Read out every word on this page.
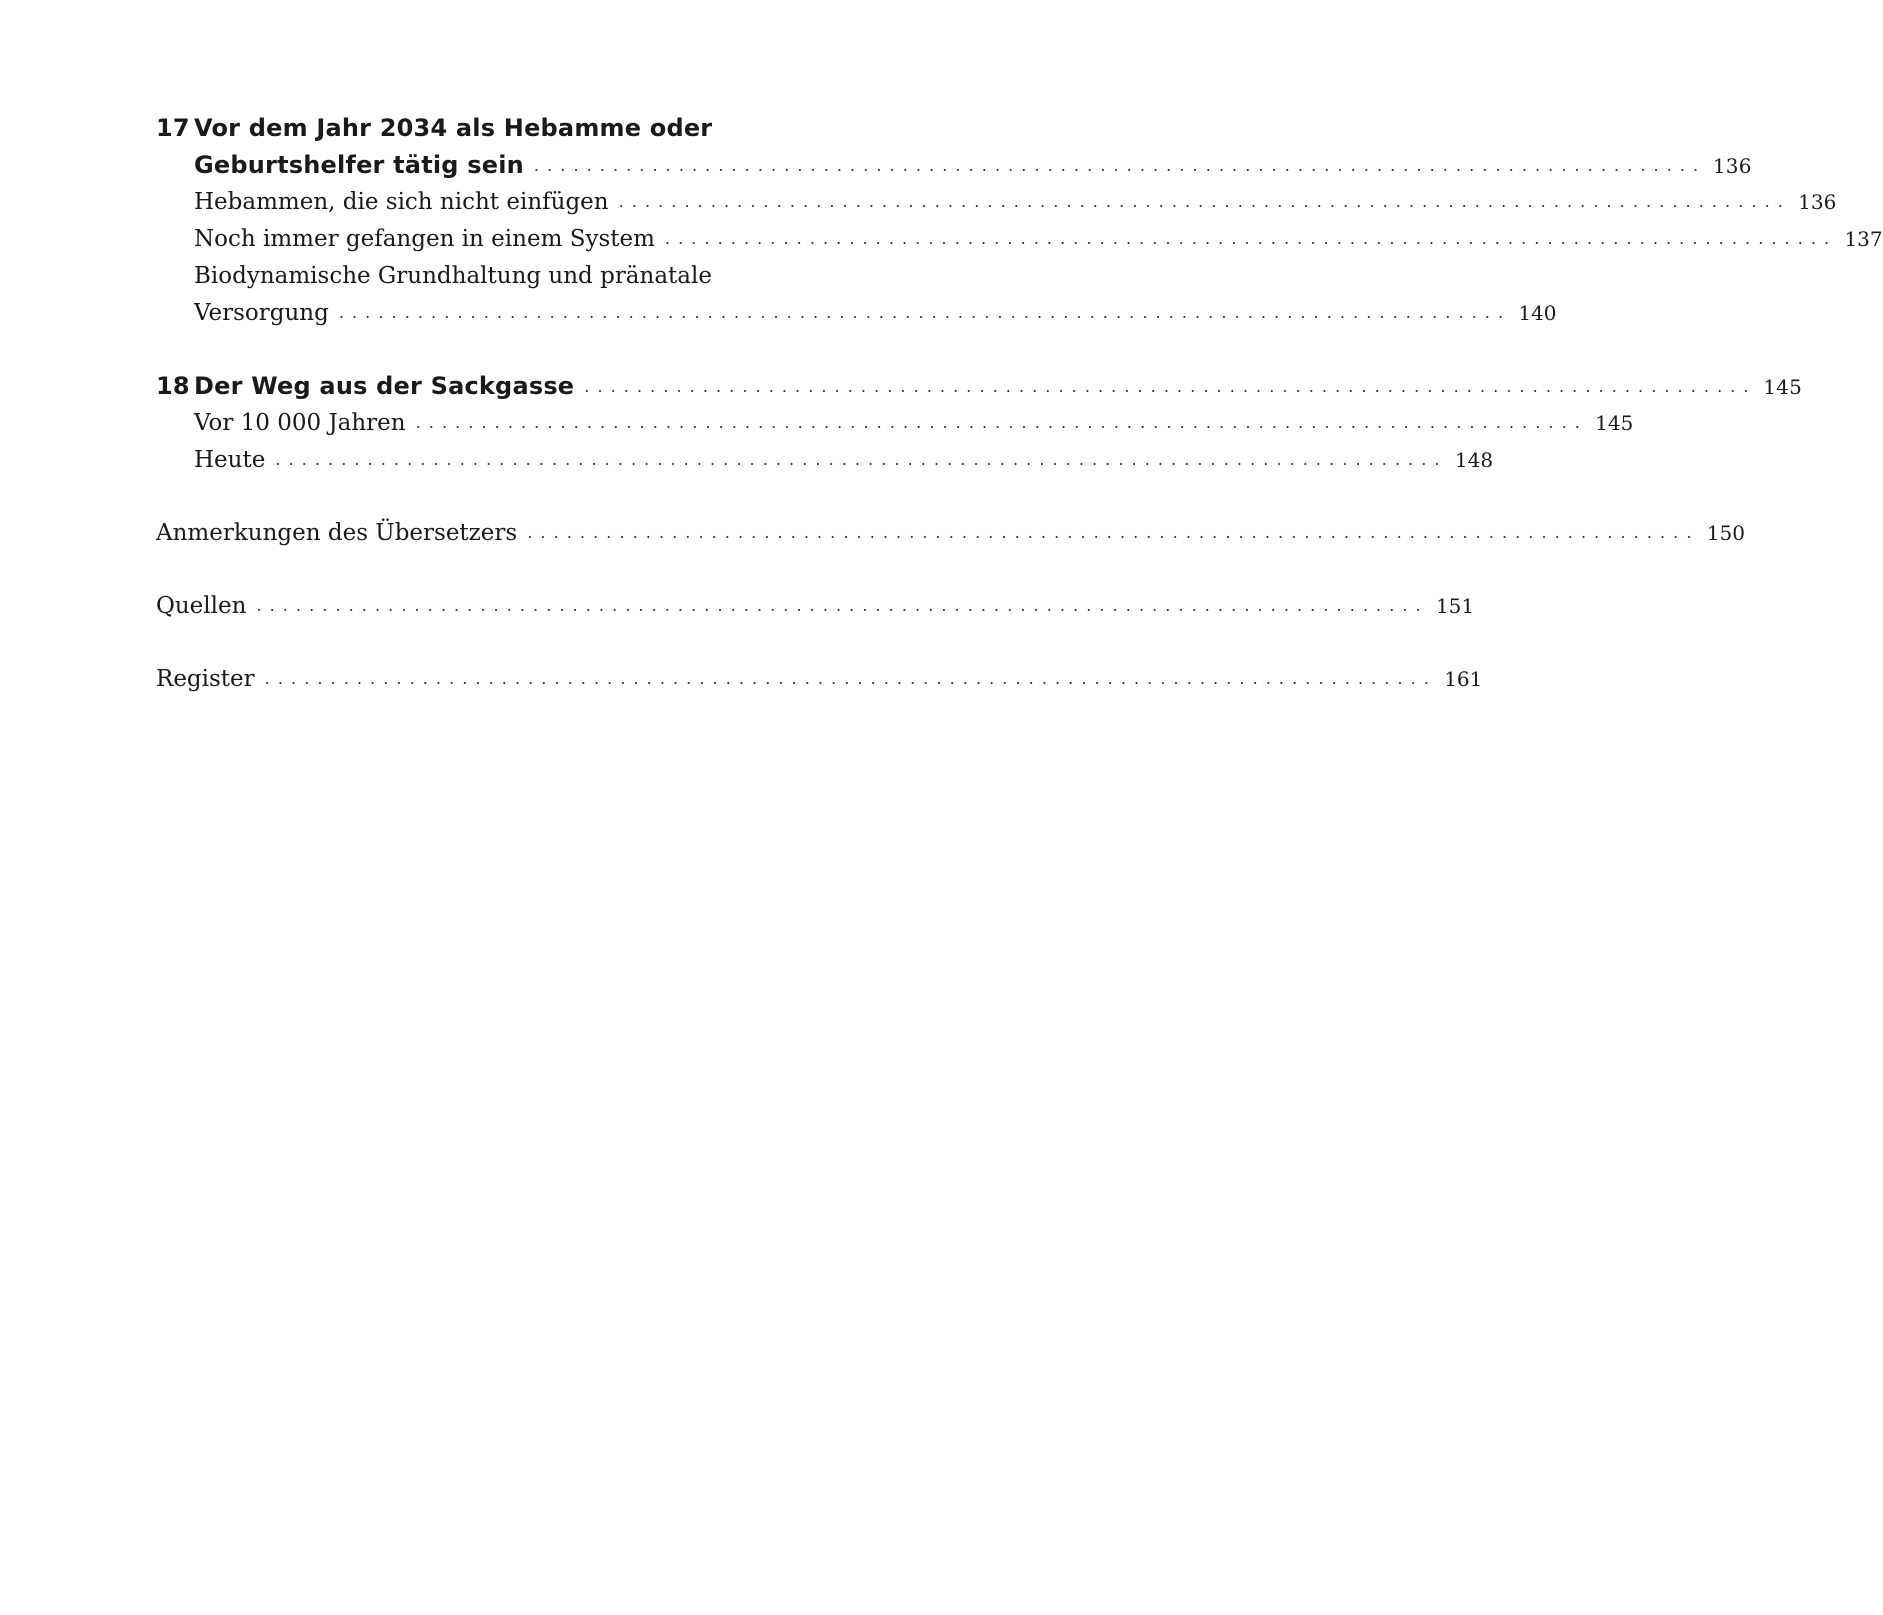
17 Vor dem Jahr 2034 als Hebamme oder
Geburtshelfer tätig sein . . .	136
Hebammen, die sich nicht einfügen . . .	136
Noch immer gefangen in einem System . . .	137
Biodynamische Grundhaltung und pränatale
Versorgung . . .	140
18 Der Weg aus der Sackgasse . . .	145
Vor 10 000 Jahren . . .	145
Heute . . .	148
Anmerkungen des Übersetzers . . .	150
Quellen . . .	151
Register . . .	161
